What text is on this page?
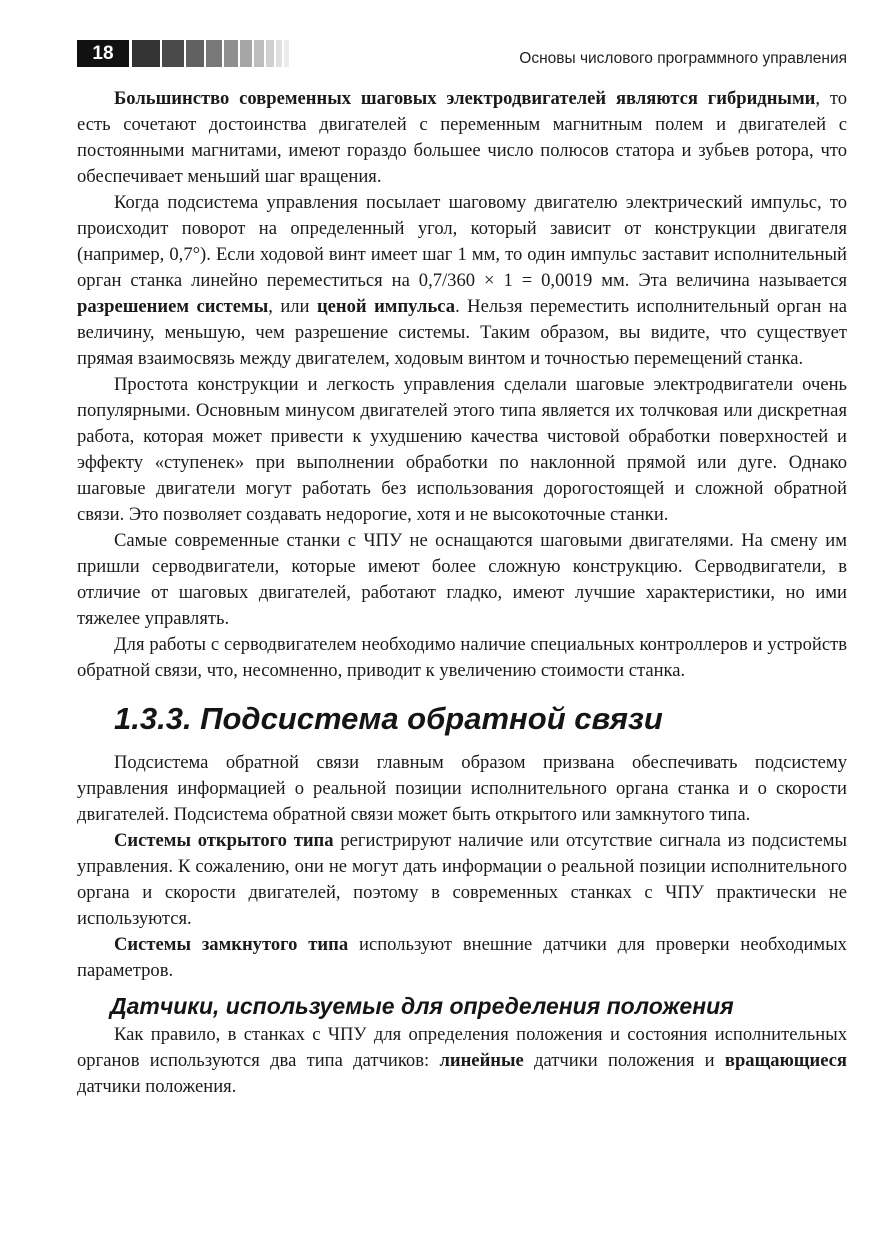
18	Основы числового программного управления

Большинство современных шаговых электродвигателей являются гибридными, то есть сочетают достоинства двигателей с переменным магнитным полем и двигателей с постоянными магнитами, имеют гораздо большее число полюсов статора и зубьев ротора, что обеспечивает меньший шаг вращения.

Когда подсистема управления посылает шаговому двигателю электрический импульс, то происходит поворот на определенный угол, который зависит от конструкции двигателя (например, 0,7°). Если ходовой винт имеет шаг 1 мм, то один импульс заставит исполнительный орган станка линейно переместиться на 0,7/360 × 1 = 0,0019 мм. Эта величина называется разрешением системы, или ценой импульса. Нельзя переместить исполнительный орган на величину, меньшую, чем разрешение системы. Таким образом, вы видите, что существует прямая взаимосвязь между двигателем, ходовым винтом и точностью перемещений станка.

Простота конструкции и легкость управления сделали шаговые электродвигатели очень популярными. Основным минусом двигателей этого типа является их толчковая или дискретная работа, которая может привести к ухудшению качества чистовой обработки поверхностей и эффекту «ступенек» при выполнении обработки по наклонной прямой или дуге. Однако шаговые двигатели могут работать без использования дорогостоящей и сложной обратной связи. Это позволяет создавать недорогие, хотя и не высокоточные станки.

Самые современные станки с ЧПУ не оснащаются шаговыми двигателями. На смену им пришли серводвигатели, которые имеют более сложную конструкцию. Серводвигатели, в отличие от шаговых двигателей, работают гладко, имеют лучшие характеристики, но ими тяжелее управлять.

Для работы с серводвигателем необходимо наличие специальных контроллеров и устройств обратной связи, что, несомненно, приводит к увеличению стоимости станка.

1.3.3. Подсистема обратной связи

Подсистема обратной связи главным образом призвана обеспечивать подсистему управления информацией о реальной позиции исполнительного органа станка и о скорости двигателей. Подсистема обратной связи может быть открытого или замкнутого типа.

Системы открытого типа регистрируют наличие или отсутствие сигнала из подсистемы управления. К сожалению, они не могут дать информации о реальной позиции исполнительного органа и скорости двигателей, поэтому в современных станках с ЧПУ практически не используются.

Системы замкнутого типа используют внешние датчики для проверки необходимых параметров.

Датчики, используемые для определения положения

Как правило, в станках с ЧПУ для определения положения и состояния исполнительных органов используются два типа датчиков: линейные датчики положения и вращающиеся датчики положения.
